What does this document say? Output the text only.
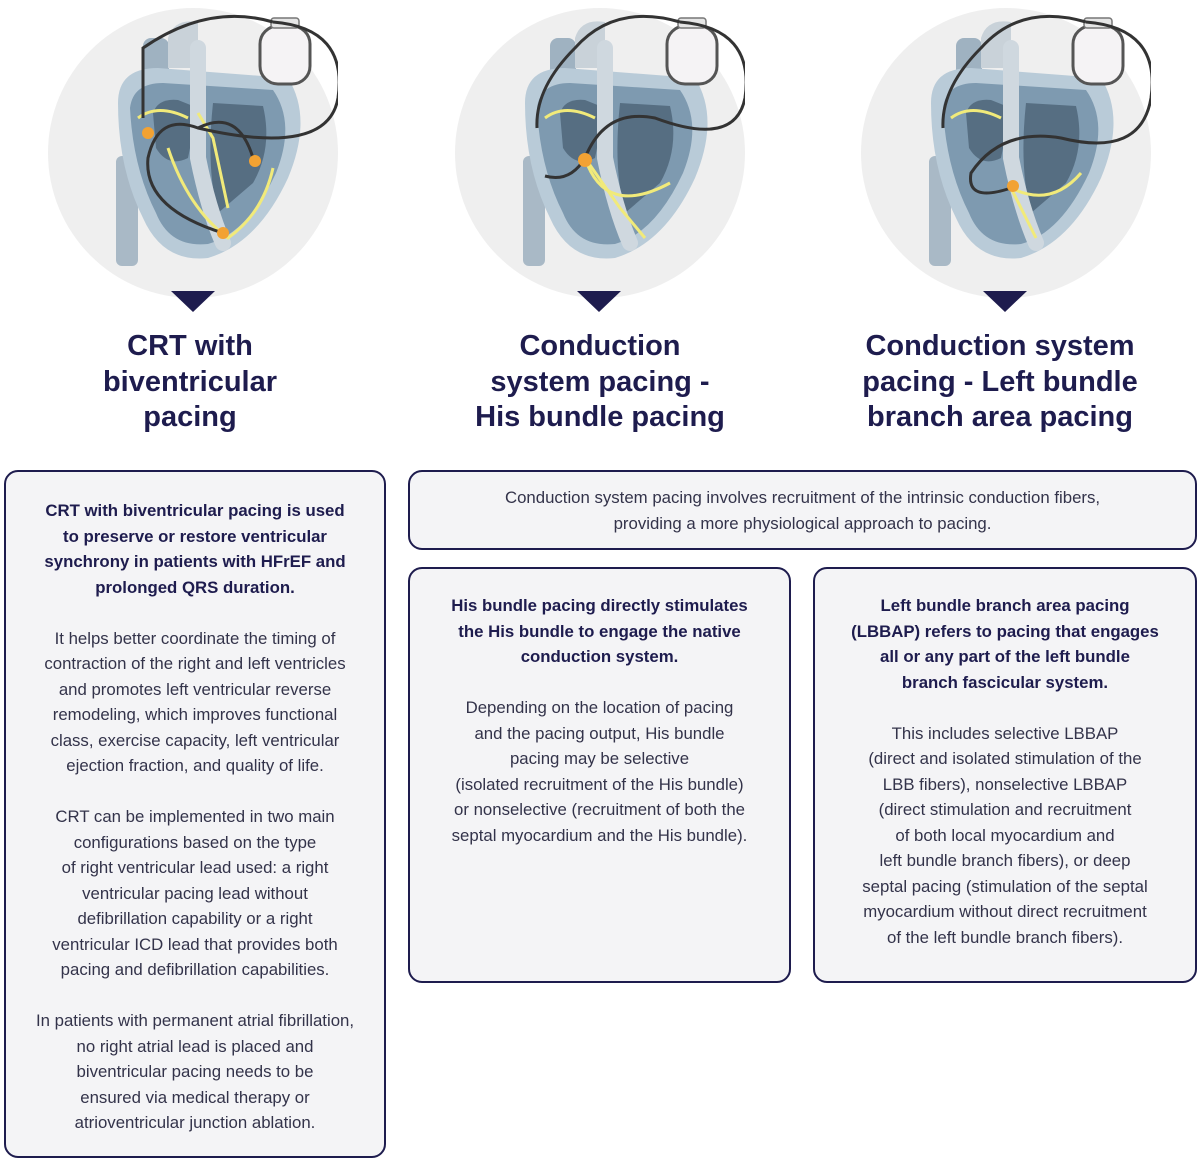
CRT with
biventricular
pacing
Conduction
system pacing -
His bundle pacing
Conduction system
pacing - Left bundle
branch area pacing

CRT with biventricular pacing is used
to preserve or restore ventricular
synchrony in patients with HFrEF and
prolonged QRS duration.

It helps better coordinate the timing of
contraction of the right and left ventricles
and promotes left ventricular reverse
remodeling, which improves functional
class, exercise capacity, left ventricular
ejection fraction, and quality of life.

CRT can be implemented in two main
configurations based on the type
of right ventricular lead used: a right
ventricular pacing lead without
defibrillation capability or a right
ventricular ICD lead that provides both
pacing and defibrillation capabilities.

In patients with permanent atrial fibrillation,
no right atrial lead is placed and
biventricular pacing needs to be
ensured via medical therapy or
atrioventricular junction ablation.

Conduction system pacing involves recruitment of the intrinsic conduction fibers,
providing a more physiological approach to pacing.

His bundle pacing directly stimulates
the His bundle to engage the native
conduction system.

Depending on the location of pacing
and the pacing output, His bundle
pacing may be selective
(isolated recruitment of the His bundle)
or nonselective (recruitment of both the
septal myocardium and the His bundle).

Left bundle branch area pacing
(LBBAP) refers to pacing that engages
all or any part of the left bundle
branch fascicular system.

This includes selective LBBAP
(direct and isolated stimulation of the
LBB fibers), nonselective LBBAP
(direct stimulation and recruitment
of both local myocardium and
left bundle branch fibers), or deep
septal pacing (stimulation of the septal
myocardium without direct recruitment
of the left bundle branch fibers).
